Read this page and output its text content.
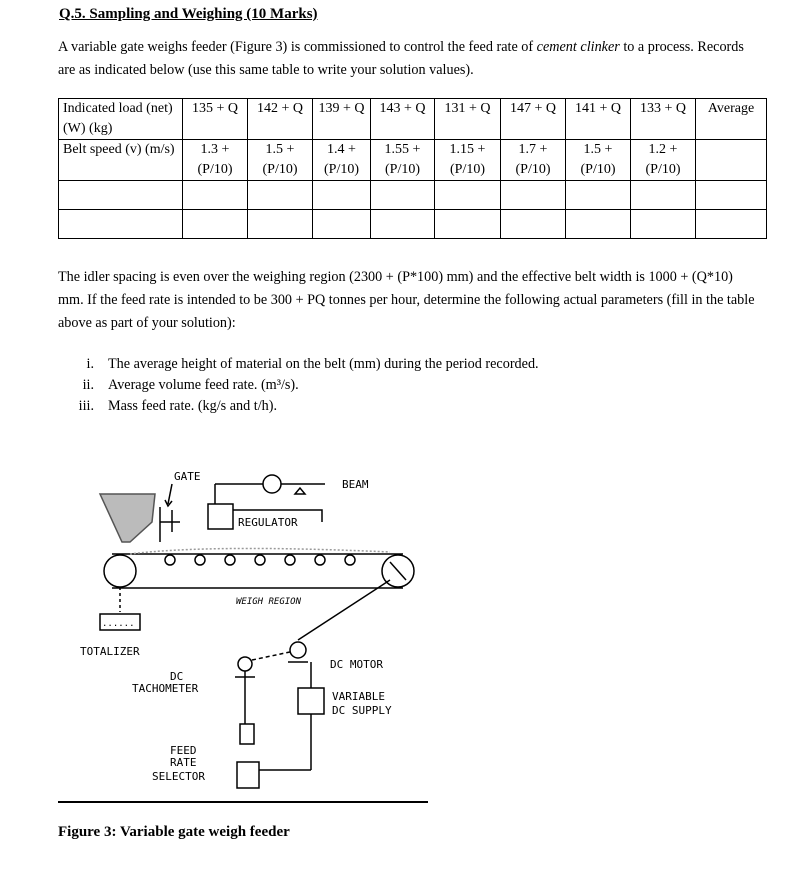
Q.5. Sampling and Weighing (10 Marks)
A variable gate weighs feeder (Figure 3) is commissioned to control the feed rate of cement clinker to a process. Records are as indicated below (use this same table to write your solution values).
Indicated load (net) (W) (kg)	135 + Q	142 + Q	139 + Q	143 + Q	131 + Q	147 + Q	141 + Q	133 + Q	Average
Belt speed (v) (m/s)	1.3 + (P/10)	1.5 + (P/10)	1.4 + (P/10)	1.55 + (P/10)	1.15 + (P/10)	1.7 + (P/10)	1.5 + (P/10)	1.2 + (P/10)	

The idler spacing is even over the weighing region (2300 + (P*100) mm) and the effective belt width is 1000 + (Q*10) mm. If the feed rate is intended to be 300 + PQ tonnes per hour, determine the following actual parameters (fill in the table above as part of your solution):
i. The average height of material on the belt (mm) during the period recorded.
ii. Average volume feed rate. (m³/s).
iii. Mass feed rate. (kg/s and t/h).
GATE
BEAM
REGULATOR
WEIGH REGION
......
TOTALIZER
DC
TACHOMETER
DC MOTOR
VARIABLE
DC SUPPLY
FEED
RATE
SELECTOR
Figure 3: Variable gate weigh feeder
